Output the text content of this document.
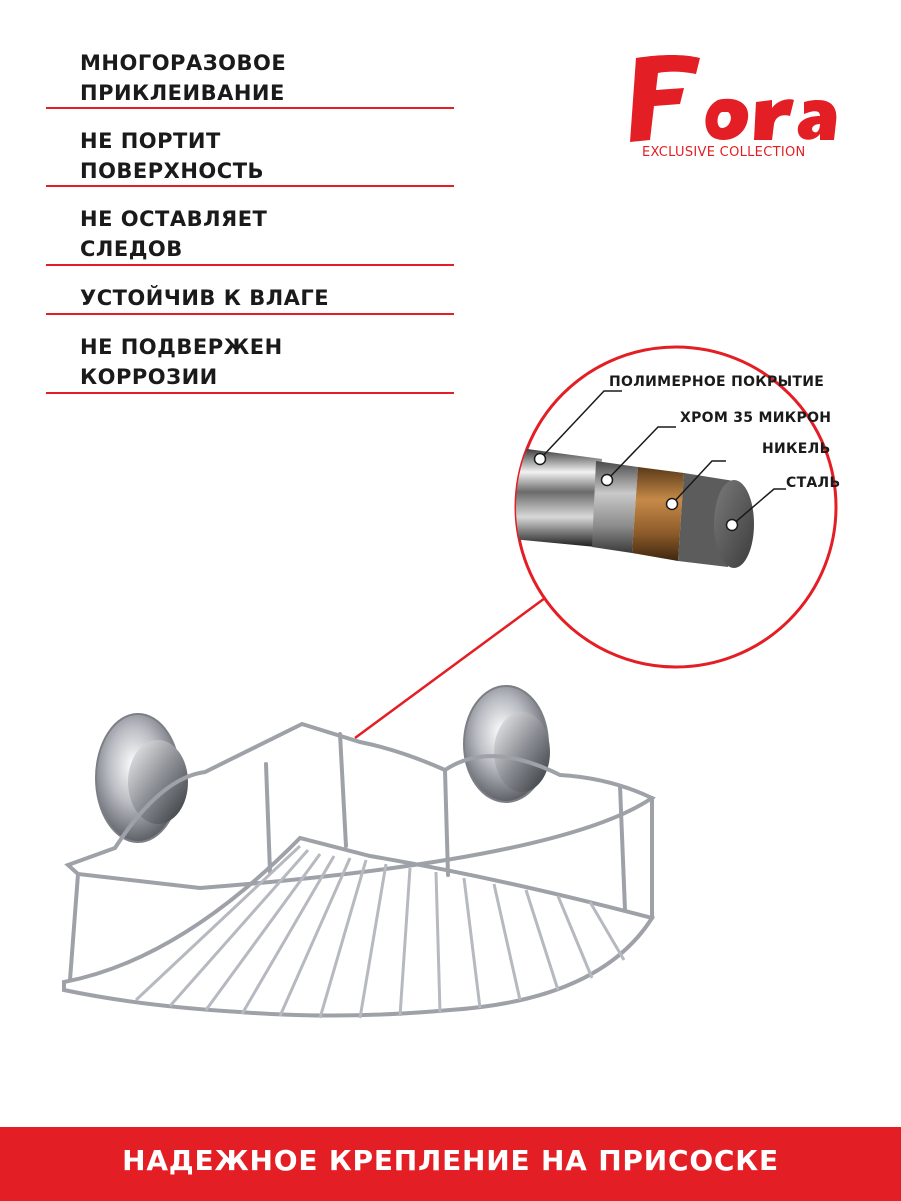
МНОГОРАЗОВОЕ
ПРИКЛЕИВАНИЕ
НЕ ПОРТИТ
ПОВЕРХНОСТЬ
НЕ ОСТАВЛЯЕТ
СЛЕДОВ
УСТОЙЧИВ К ВЛАГЕ
НЕ ПОДВЕРЖЕН
КОРРОЗИИ
EXCLUSIVE COLLECTION
ПОЛИМЕРНОЕ ПОКРЫТИЕ
ХРОМ 35 МИКРОН
НИКЕЛЬ
СТАЛЬ
НАДЕЖНОЕ КРЕПЛЕНИЕ НА ПРИСОСКЕ
